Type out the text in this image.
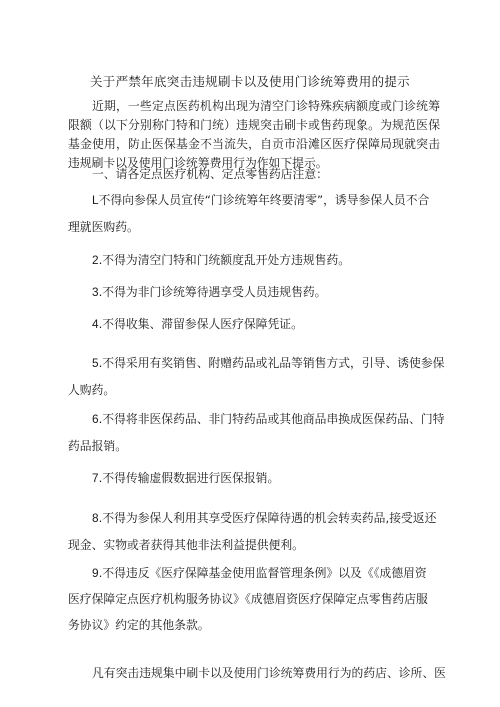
关于严禁年底突击违规刷卡以及使用门诊统筹费用的提示

近期，一些定点医药机构出现为清空门诊特殊疾病额度或门诊统筹限额（以下分别称门特和门统）违规突击刷卡或售药现象。为规范医保基金使用，防止医保基金不当流失，自贡市沿滩区医疗保障局现就突击违规刷卡以及使用门诊统筹费用行为作如下提示。

一、请各定点医疗机构、定点零售药店注意：

L不得向参保人员宣传“门诊统筹年终要清零”，诱导参保人员不合

理就医购药。

2.不得为清空门特和门统额度乱开处方违规售药。

3.不得为非门诊统筹待遇享受人员违规售药。

4.不得收集、滞留参保人医疗保障凭证。

5.不得采用有奖销售、附赠药品或礼品等销售方式，引导、诱使参保

人购药。

6.不得将非医保药品、非门特药品或其他商品串换成医保药品、门特

药品报销。

7.不得传输虚假数据进行医保报销。

8.不得为参保人利用其享受医疗保障待遇的机会转卖药品,接受返还

现金、实物或者获得其他非法利益提供便利。

9.不得违反《医疗保障基金使用监督管理条例》以及《《成德眉资

医疗保障定点医疗机构服务协议》《成德眉资医疗保障定点零售药店服

务协议》约定的其他条款。

凡有突击违规集中刷卡以及使用门诊统筹费用行为的药店、诊所、医
